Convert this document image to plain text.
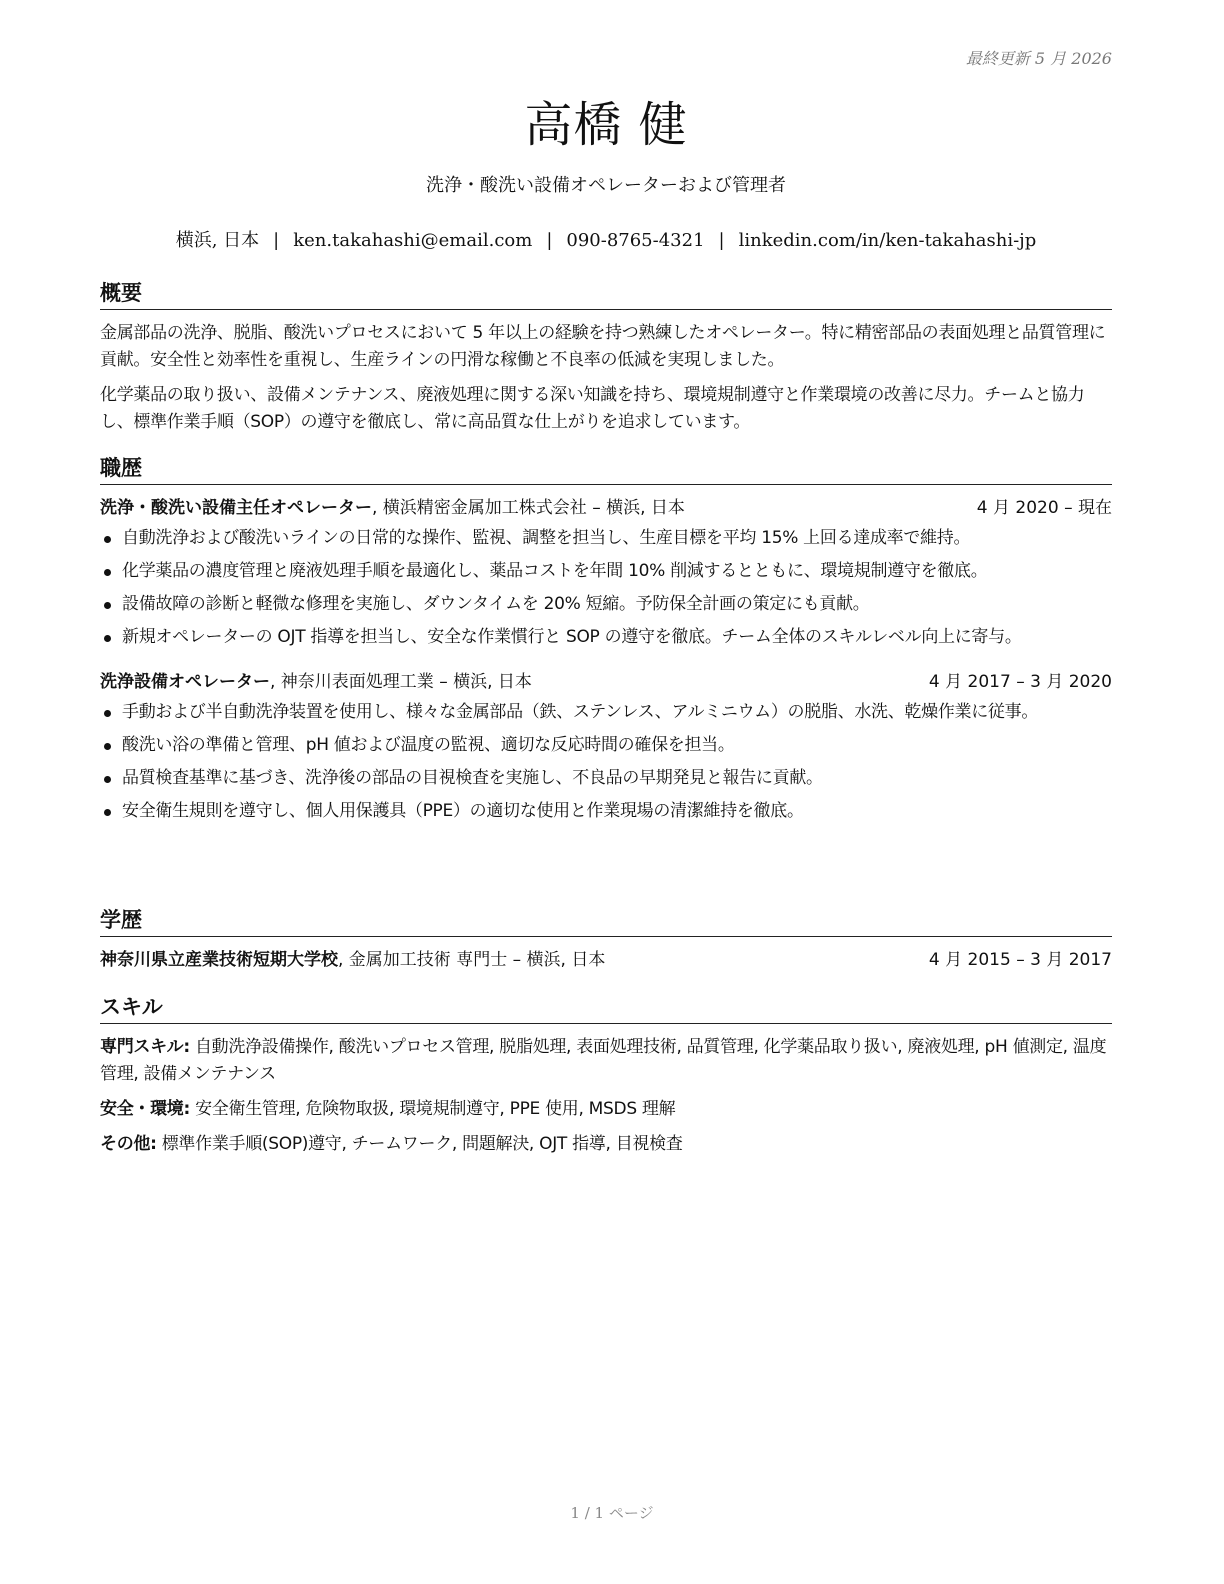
最終更新 5 月 2026
高橋 健
洗浄・酸洗い設備オペレーターおよび管理者
横浜, 日本 | ken.takahashi@email.com | 090-8765-4321 | linkedin.com/in/ken-takahashi-jp
概要

金属部品の洗浄、脱脂、酸洗いプロセスにおいて 5 年以上の経験を持つ熟練したオペレーター。特に精密部品の表面処理と品質管理に貢献。安全性と効率性を重視し、生産ラインの円滑な稼働と不良率の低減を実現しました。

化学薬品の取り扱い、設備メンテナンス、廃液処理に関する深い知識を持ち、環境規制遵守と作業環境の改善に尽力。チームと協力し、標準作業手順（SOP）の遵守を徹底し、常に高品質な仕上がりを追求しています。

職歴
洗浄・酸洗い設備主任オペレーター, 横浜精密金属加工株式会社 – 横浜, 日本	4 月 2020 – 現在
自動洗浄および酸洗いラインの日常的な操作、監視、調整を担当し、生産目標を平均 15% 上回る達成率で維持。
化学薬品の濃度管理と廃液処理手順を最適化し、薬品コストを年間 10% 削減するとともに、環境規制遵守を徹底。
設備故障の診断と軽微な修理を実施し、ダウンタイムを 20% 短縮。予防保全計画の策定にも貢献。
新規オペレーターの OJT 指導を担当し、安全な作業慣行と SOP の遵守を徹底。チーム全体のスキルレベル向上に寄与。
洗浄設備オペレーター, 神奈川表面処理工業 – 横浜, 日本	4 月 2017 – 3 月 2020
手動および半自動洗浄装置を使用し、様々な金属部品（鉄、ステンレス、アルミニウム）の脱脂、水洗、乾燥作業に従事。
酸洗い浴の準備と管理、pH 値および温度の監視、適切な反応時間の確保を担当。
品質検査基準に基づき、洗浄後の部品の目視検査を実施し、不良品の早期発見と報告に貢献。
安全衛生規則を遵守し、個人用保護具（PPE）の適切な使用と作業現場の清潔維持を徹底。
学歴
神奈川県立産業技術短期大学校, 金属加工技術 専門士 – 横浜, 日本	4 月 2015 – 3 月 2017
スキル

専門スキル: 自動洗浄設備操作, 酸洗いプロセス管理, 脱脂処理, 表面処理技術, 品質管理, 化学薬品取り扱い, 廃液処理, pH 値測定, 温度管理, 設備メンテナンス

安全・環境: 安全衛生管理, 危険物取扱, 環境規制遵守, PPE 使用, MSDS 理解

その他: 標準作業手順(SOP)遵守, チームワーク, 問題解決, OJT 指導, 目視検査

1 / 1 ページ
